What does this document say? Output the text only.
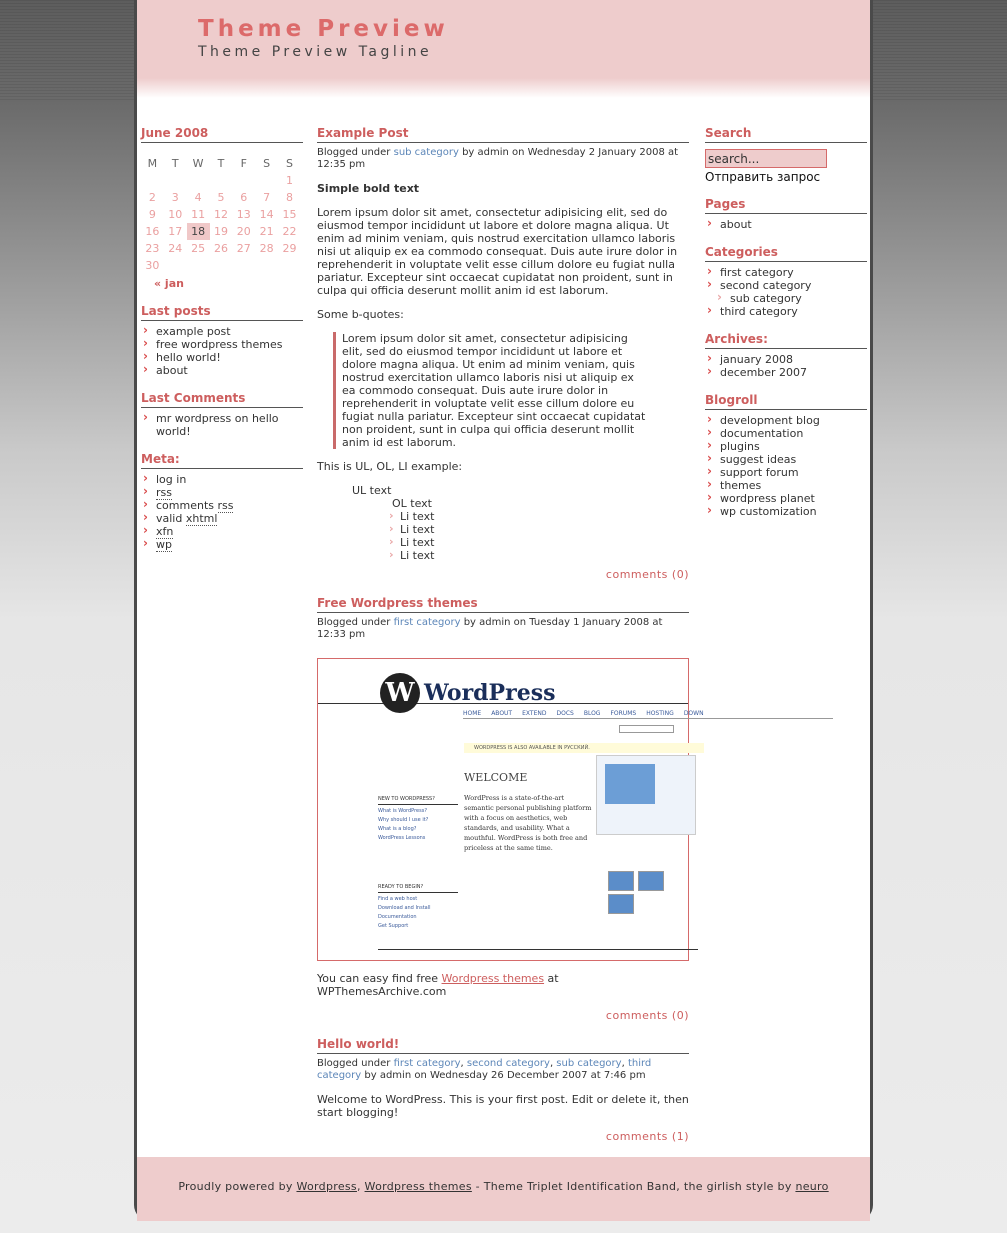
Theme Preview
Theme Preview Tagline
June 2008
M	T	W	T	F	S	S
						1
2	3	4	5	6	7	8
9	10	11	12	13	14	15
16	17	18	19	20	21	22
23	24	25	26	27	28	29
30						
« jan
Last posts
› example post
› free wordpress themes
› hello world!
› about
Last Comments
› mr wordpress on hello world!
Meta:
› log in
› rss
› comments rss
› valid xhtml
› xfn
› wp
Example Post
Blogged under sub category by admin on Wednesday 2 January 2008 at 12:35 pm

Simple bold text

Lorem ipsum dolor sit amet, consectetur adipisicing elit, sed do eiusmod tempor incididunt ut labore et dolore magna aliqua. Ut enim ad minim veniam, quis nostrud exercitation ullamco laboris nisi ut aliquip ex ea commodo consequat. Duis aute irure dolor in reprehenderit in voluptate velit esse cillum dolore eu fugiat nulla pariatur. Excepteur sint occaecat cupidatat non proident, sunt in culpa qui officia deserunt mollit anim id est laborum.

Some b-quotes:

Lorem ipsum dolor sit amet, consectetur adipisicing elit, sed do eiusmod tempor incididunt ut labore et dolore magna aliqua. Ut enim ad minim veniam, quis nostrud exercitation ullamco laboris nisi ut aliquip ex ea commodo consequat. Duis aute irure dolor in reprehenderit in voluptate velit esse cillum dolore eu fugiat nulla pariatur. Excepteur sint occaecat cupidatat non proident, sunt in culpa qui officia deserunt mollit anim id est laborum.

This is UL, OL, LI example:

UL text
OL text
› Li text
› Li text
› Li text
› Li text
comments (0)
Free Wordpress themes
Blogged under first category by admin on Tuesday 1 January 2008 at 12:33 pm
W WordPress
HOME ABOUT EXTEND DOCS BLOG FORUMS HOSTING DOWN
WORDPRESS IS ALSO AVAILABLE IN РУССКИЙ.
WELCOME
WordPress is a state-of-the-art semantic personal publishing platform with a focus on aesthetics, web standards, and usability. What a mouthful. WordPress is both free and priceless at the same time.
NEW TO WORDPRESS?
What is WordPress?
Why should I use it?
What is a blog?
WordPress Lessons
READY TO BEGIN?
Find a web host
Download and Install
Documentation
Get Support

You can easy find free Wordpress themes at WPThemesArchive.com

comments (0)
Hello world!
Blogged under first category, second category, sub category, third category by admin on Wednesday 26 December 2007 at 7:46 pm

Welcome to WordPress. This is your first post. Edit or delete it, then start blogging!

comments (1)
Search
search...
Отправить запрос
Pages
› about
Categories
› first category
› second category
› sub category
› third category
Archives:
› january 2008
› december 2007
Blogroll
› development blog
› documentation
› plugins
› suggest ideas
› support forum
› themes
› wordpress planet
› wp customization
Proudly powered by Wordpress, Wordpress themes - Theme Triplet Identification Band, the girlish style by neuro
